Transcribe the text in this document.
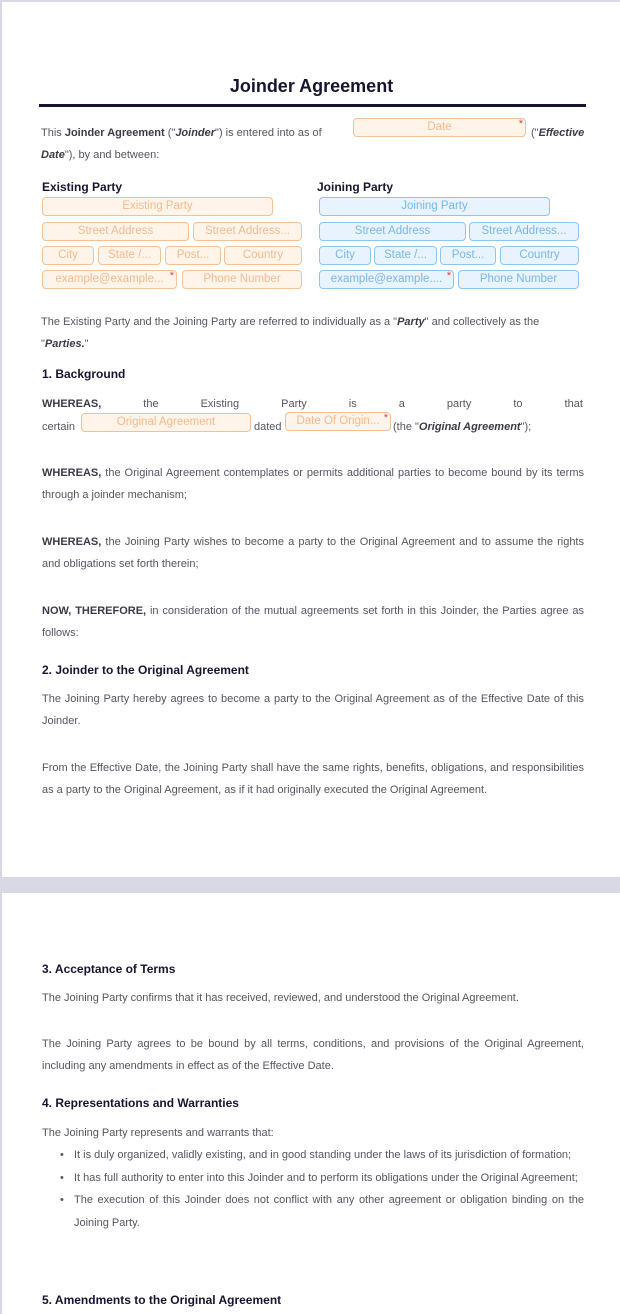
Joinder Agreement
This Joinder Agreement ("Joinder") is entered into as of	("Effective
Date"), by and between:
Date	*
Existing Party
Existing Party
Street Address	Street Address...
City	State /...	Post...	Country
example@example... *	Phone Number
Joining Party
Joining Party
Street Address	Street Address...
City	State /...	Post...	Country
example@example.... *	Phone Number
The Existing Party and the Joining Party are referred to individually as a "Party" and collectively as the
"Parties."
1. Background
WHEREAS,	the	Existing	Party	is	a	party	to	that
certain	Original Agreement	dated	Date Of Origin... *
(the "Original Agreement");
WHEREAS, the Original Agreement contemplates or permits additional parties to become bound by its terms through a joinder mechanism;
WHEREAS, the Joining Party wishes to become a party to the Original Agreement and to assume the rights and obligations set forth therein;
NOW, THEREFORE, in consideration of the mutual agreements set forth in this Joinder, the Parties agree as follows:
2. Joinder to the Original Agreement
The Joining Party hereby agrees to become a party to the Original Agreement as of the Effective Date of this Joinder.
From the Effective Date, the Joining Party shall have the same rights, benefits, obligations, and responsibilities as a party to the Original Agreement, as if it had originally executed the Original Agreement.
3. Acceptance of Terms
The Joining Party confirms that it has received, reviewed, and understood the Original Agreement.
The Joining Party agrees to be bound by all terms, conditions, and provisions of the Original Agreement, including any amendments in effect as of the Effective Date.
4. Representations and Warranties
The Joining Party represents and warrants that:
• It is duly organized, validly existing, and in good standing under the laws of its jurisdiction of formation;
• It has full authority to enter into this Joinder and to perform its obligations under the Original Agreement;
• The execution of this Joinder does not conflict with any other agreement or obligation binding on the Joining Party.
5. Amendments to the Original Agreement
